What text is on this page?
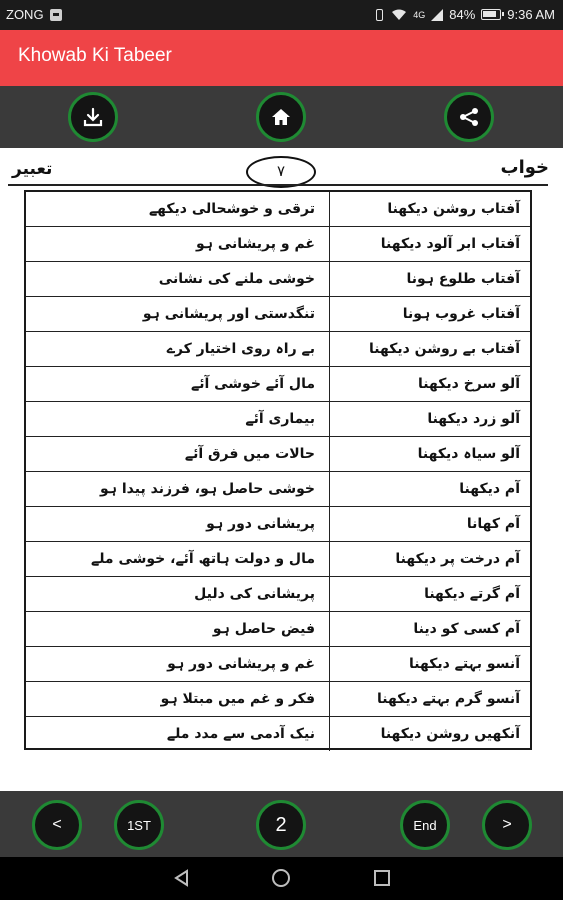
ZONG	4G 84% 9:36 AM
Khowab Ki Tabeer
تعبیر	۷	خواب
ترقی و خوشحالی دیکھے	آفتاب روشن دیکھنا
غم و پریشانی ہو	آفتاب ابر آلود دیکھنا
خوشی ملنے کی نشانی	آفتاب طلوع ہونا
تنگدستی اور پریشانی ہو	آفتاب غروب ہونا
بے راہ روی اختیار کرے	آفتاب بے روشن دیکھنا
مال آئے خوشی آئے	آلو سرخ دیکھنا
بیماری آئے	آلو زرد دیکھنا
حالات میں فرق آئے	آلو سیاہ دیکھنا
خوشی حاصل ہو، فرزند پیدا ہو	آم دیکھنا
پریشانی دور ہو	آم کھانا
مال و دولت ہاتھ آئے، خوشی ملے	آم درخت پر دیکھنا
پریشانی کی دلیل	آم گرتے دیکھنا
فیض حاصل ہو	آم کسی کو دینا
غم و پریشانی دور ہو	آنسو بہتے دیکھنا
فکر و غم میں مبتلا ہو	آنسو گرم بہتے دیکھنا
نیک آدمی سے مدد ملے	آنکھیں روشن دیکھنا
<	1ST	2	End	>
